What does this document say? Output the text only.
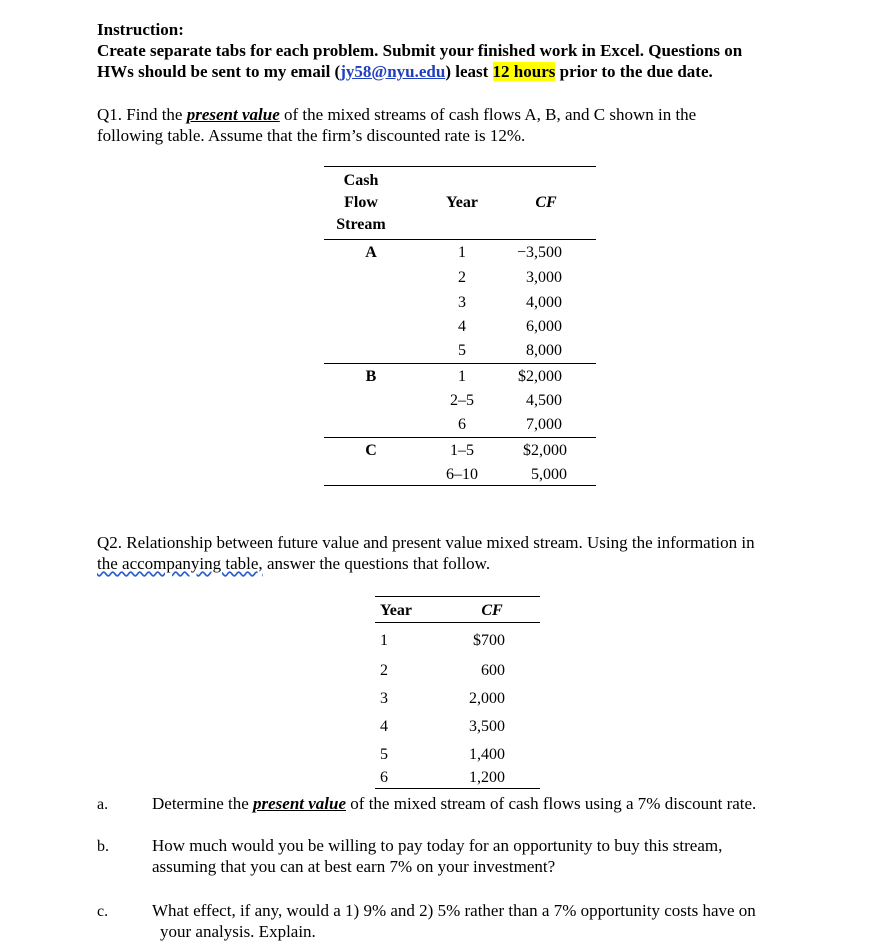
Instruction:
Create separate tabs for each problem. Submit your finished work in Excel. Questions on
HWs should be sent to my email (jy58@nyu.edu) least 12 hours prior to the due date.
Q1. Find the present value of the mixed streams of cash flows A, B, and C shown in the
following table. Assume that the firm’s discounted rate is 12%.
Cash
Flow
Stream
Year	CF
A	1	−3,500
2	3,000
3	4,000
4	6,000
5	8,000
B	1	$2,000
2–5	4,500
6	7,000
C	1–5	$2,000
6–10	5,000
Q2. Relationship between future value and present value mixed stream. Using the information in
the accompanying table, answer the questions that follow.
Year	CF
1	$700
2	600
3	2,000
4	3,500
5	1,400
6	1,200
a.	Determine the present value of the mixed stream of cash flows using a 7% discount rate.
b.	How much would you be willing to pay today for an opportunity to buy this stream,
assuming that you can at best earn 7% on your investment?
c.	What effect, if any, would a 1) 9% and 2) 5% rather than a 7% opportunity costs have on
your analysis. Explain.
